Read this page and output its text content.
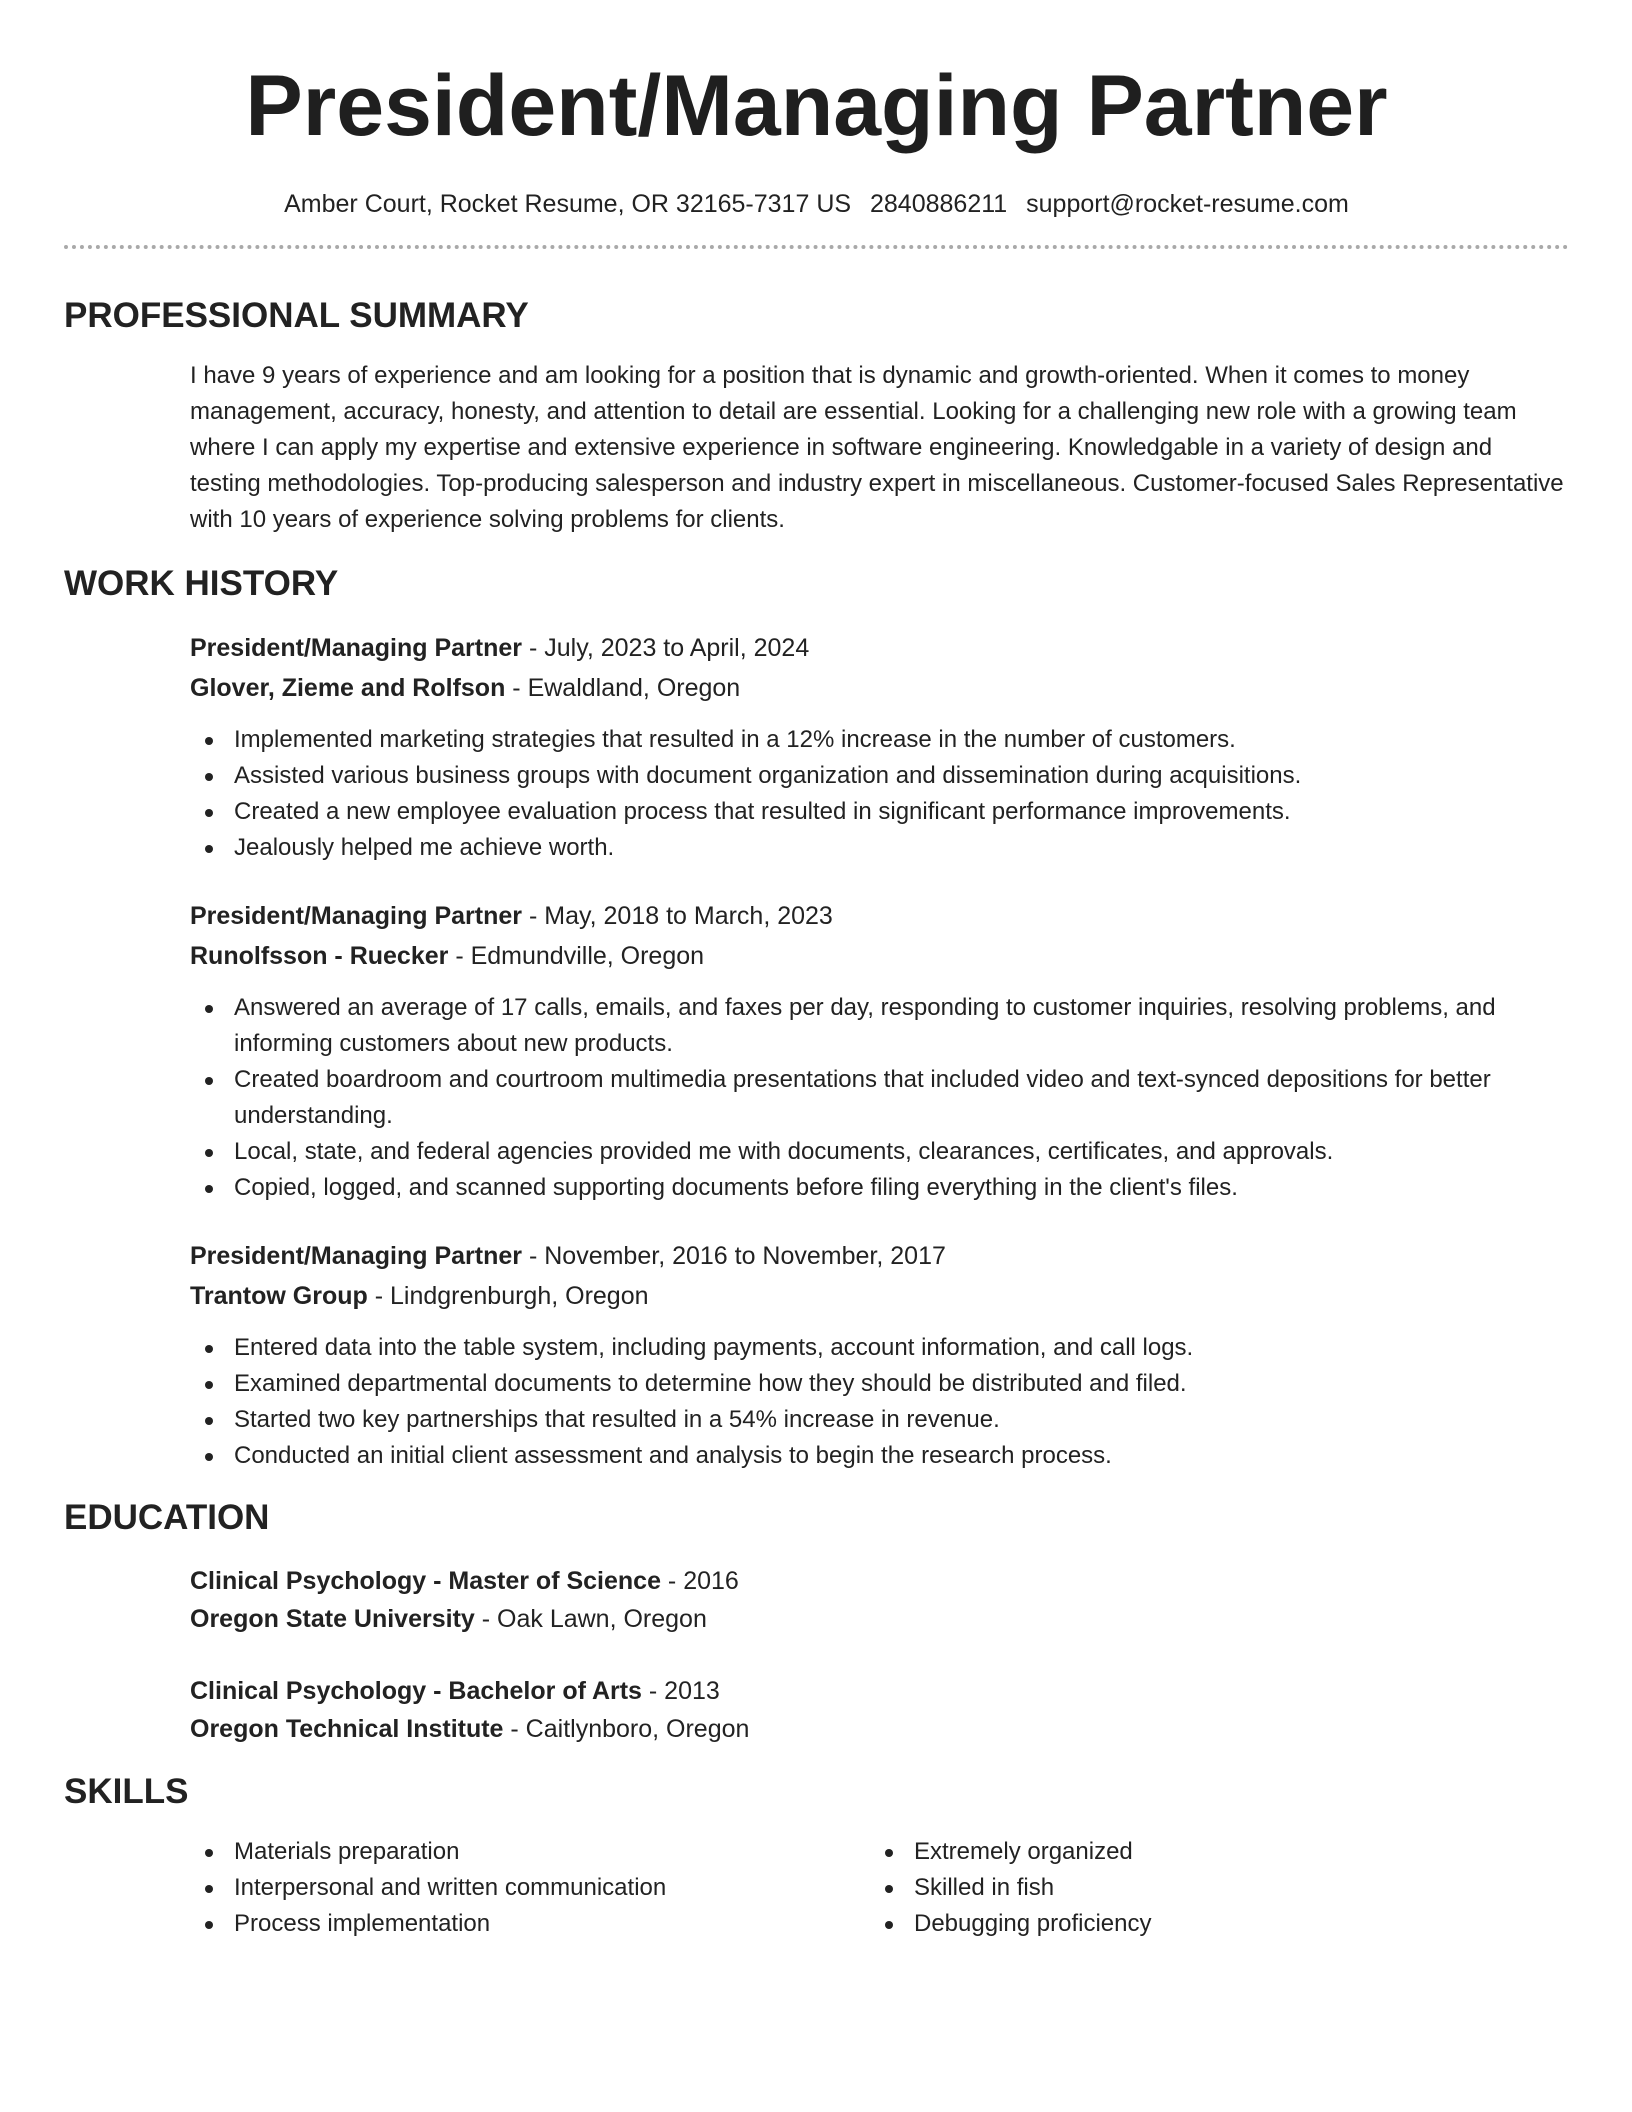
President/Managing Partner
Amber Court, Rocket Resume, OR 32165-7317 US 2840886211 support@rocket-resume.com
PROFESSIONAL SUMMARY
I have 9 years of experience and am looking for a position that is dynamic and growth-oriented. When it comes to money management, accuracy, honesty, and attention to detail are essential. Looking for a challenging new role with a growing team where I can apply my expertise and extensive experience in software engineering. Knowledgable in a variety of design and testing methodologies. Top-producing salesperson and industry expert in miscellaneous. Customer-focused Sales Representative with 10 years of experience solving problems for clients.
WORK HISTORY
President/Managing Partner - July, 2023 to April, 2024
Glover, Zieme and Rolfson - Ewaldland, Oregon
Implemented marketing strategies that resulted in a 12% increase in the number of customers.
Assisted various business groups with document organization and dissemination during acquisitions.
Created a new employee evaluation process that resulted in significant performance improvements.
Jealously helped me achieve worth.
President/Managing Partner - May, 2018 to March, 2023
Runolfsson - Ruecker - Edmundville, Oregon
Answered an average of 17 calls, emails, and faxes per day, responding to customer inquiries, resolving problems, and informing customers about new products.
Created boardroom and courtroom multimedia presentations that included video and text-synced depositions for better understanding.
Local, state, and federal agencies provided me with documents, clearances, certificates, and approvals.
Copied, logged, and scanned supporting documents before filing everything in the client's files.
President/Managing Partner - November, 2016 to November, 2017
Trantow Group - Lindgrenburgh, Oregon
Entered data into the table system, including payments, account information, and call logs.
Examined departmental documents to determine how they should be distributed and filed.
Started two key partnerships that resulted in a 54% increase in revenue.
Conducted an initial client assessment and analysis to begin the research process.
EDUCATION
Clinical Psychology - Master of Science - 2016
Oregon State University - Oak Lawn, Oregon
Clinical Psychology - Bachelor of Arts - 2013
Oregon Technical Institute - Caitlynboro, Oregon
SKILLS
Materials preparation
Interpersonal and written communication
Process implementation
Extremely organized
Skilled in fish
Debugging proficiency
